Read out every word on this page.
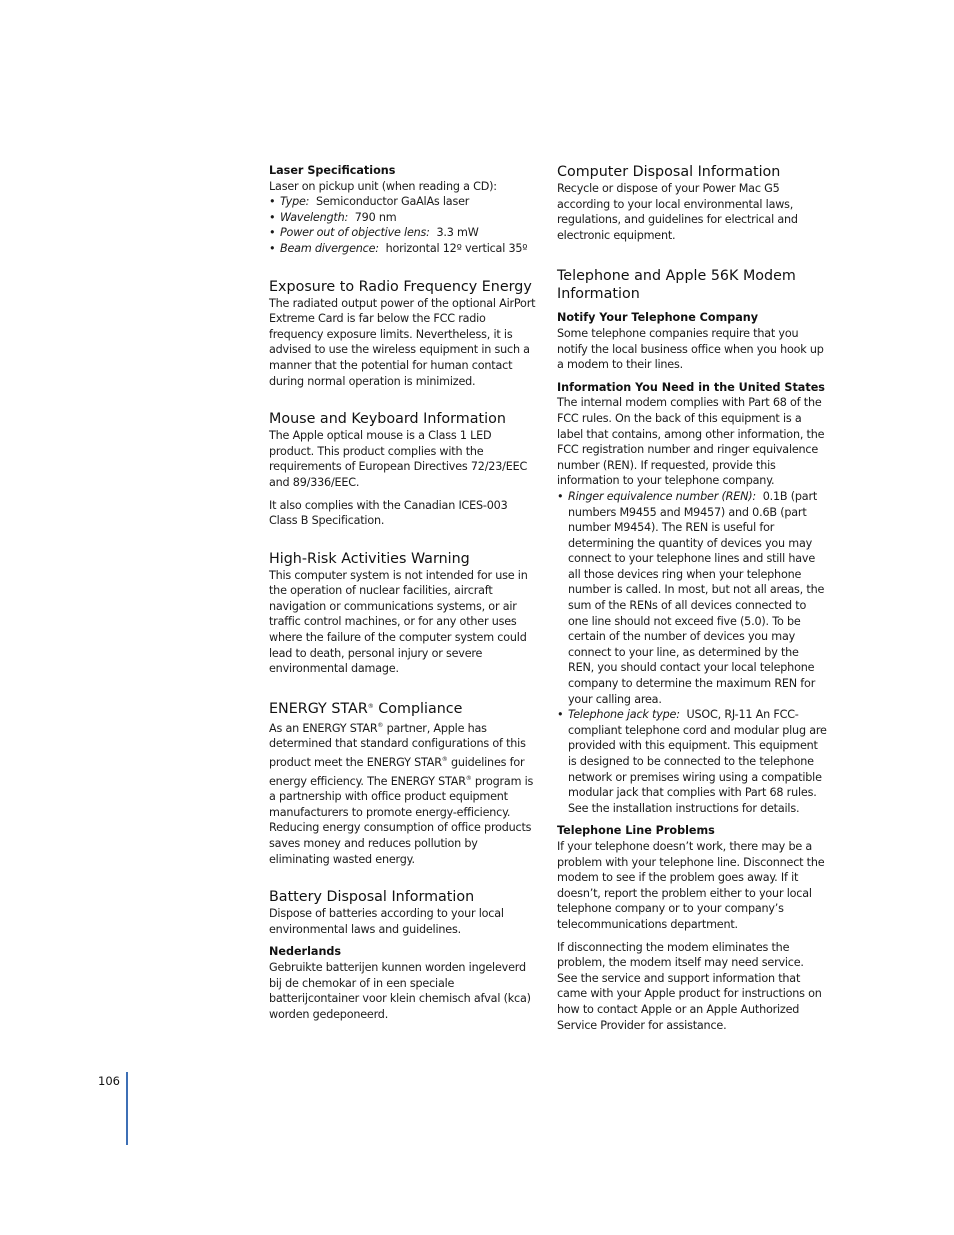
Laser Specifications

Laser on pickup unit (when reading a CD):

• Type: Semiconductor GaAlAs laser
• Wavelength: 790 nm
• Power out of objective lens: 3.3 mW
• Beam divergence: horizontal 12º vertical 35º
Exposure to Radio Frequency Energy

The radiated output power of the optional AirPort Extreme Card is far below the FCC radio frequency exposure limits. Nevertheless, it is advised to use the wireless equipment in such a manner that the potential for human contact during normal operation is minimized.

Mouse and Keyboard Information

The Apple optical mouse is a Class 1 LED product. This product complies with the requirements of European Directives 72/23/EEC and 89/336/EEC.

It also complies with the Canadian ICES-003 Class B Specification.

High-Risk Activities Warning

This computer system is not intended for use in the operation of nuclear facilities, aircraft navigation or communications systems, or air traffic control machines, or for any other uses where the failure of the computer system could lead to death, personal injury or severe environmental damage.

ENERGY STAR® Compliance

As an ENERGY STAR® partner, Apple has determined that standard configurations of this product meet the ENERGY STAR® guidelines for energy efficiency. The ENERGY STAR® program is a partnership with office product equipment manufacturers to promote energy-efficiency. Reducing energy consumption of office products saves money and reduces pollution by eliminating wasted energy.

Battery Disposal Information

Dispose of batteries according to your local environmental laws and guidelines.

Nederlands

Gebruikte batterijen kunnen worden ingeleverd bij de chemokar of in een speciale batterijcontainer voor klein chemisch afval (kca) worden gedeponeerd.

Computer Disposal Information

Recycle or dispose of your Power Mac G5 according to your local environmental laws, regulations, and guidelines for electrical and electronic equipment.

Telephone and Apple 56K Modem Information
Notify Your Telephone Company

Some telephone companies require that you notify the local business office when you hook up a modem to their lines.

Information You Need in the United States

The internal modem complies with Part 68 of the FCC rules. On the back of this equipment is a label that contains, among other information, the FCC registration number and ringer equivalence number (REN). If requested, provide this information to your telephone company.

• Ringer equivalence number (REN): 0.1B (part numbers M9455 and M9457) and 0.6B (part number M9454). The REN is useful for determining the quantity of devices you may connect to your telephone lines and still have all those devices ring when your telephone number is called. In most, but not all areas, the sum of the RENs of all devices connected to one line should not exceed five (5.0). To be certain of the number of devices you may connect to your line, as determined by the REN, you should contact your local telephone company to determine the maximum REN for your calling area.
• Telephone jack type: USOC, RJ-11 An FCC-compliant telephone cord and modular plug are provided with this equipment. This equipment is designed to be connected to the telephone network or premises wiring using a compatible modular jack that complies with Part 68 rules. See the installation instructions for details.
Telephone Line Problems

If your telephone doesn’t work, there may be a problem with your telephone line. Disconnect the modem to see if the problem goes away. If it doesn’t, report the problem either to your local telephone company or to your company’s telecommunications department.

If disconnecting the modem eliminates the problem, the modem itself may need service. See the service and support information that came with your Apple product for instructions on how to contact Apple or an Apple Authorized Service Provider for assistance.

106
